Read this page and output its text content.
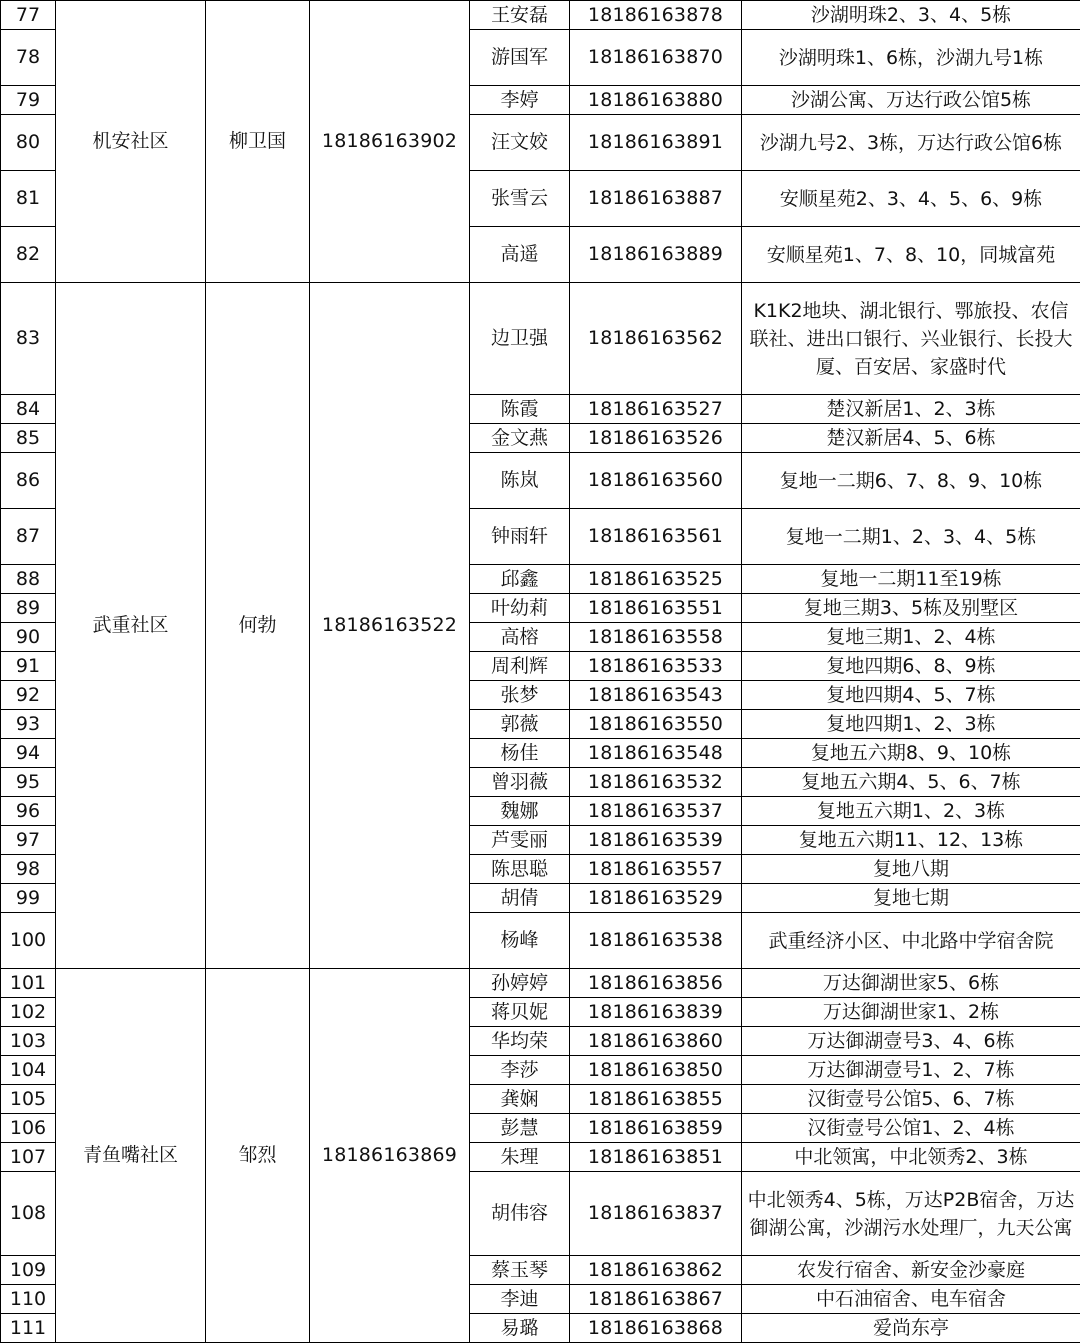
77	机安社区	柳卫国	18186163902	王安磊	18186163878	沙湖明珠2、3、4、5栋
78				游国军	18186163870	沙湖明珠1、6栋，沙湖九号1栋
79				李婷	18186163880	沙湖公寓、万达行政公馆5栋
80				汪文姣	18186163891	沙湖九号2、3栋，万达行政公馆6栋
81				张雪云	18186163887	安顺星苑2、3、4、5、6、9栋
82				高遥	18186163889	安顺星苑1、7、8、10，同城富苑
83	武重社区	何勃	18186163522	边卫强	18186163562	K1K2地块、湖北银行、鄂旅投、农信联社、进出口银行、兴业银行、长投大厦、百安居、家盛时代
84				陈霞	18186163527	楚汉新居1、2、3栋
85				金文燕	18186163526	楚汉新居4、5、6栋
86				陈岚	18186163560	复地一二期6、7、8、9、10栋
87				钟雨轩	18186163561	复地一二期1、2、3、4、5栋
88				邱鑫	18186163525	复地一二期11至19栋
89				叶幼莉	18186163551	复地三期3、5栋及别墅区
90				高榕	18186163558	复地三期1、2、4栋
91				周利辉	18186163533	复地四期6、8、9栋
92				张梦	18186163543	复地四期4、5、7栋
93				郭薇	18186163550	复地四期1、2、3栋
94				杨佳	18186163548	复地五六期8、9、10栋
95				曾羽薇	18186163532	复地五六期4、5、6、7栋
96				魏娜	18186163537	复地五六期1、2、3栋
97				芦雯丽	18186163539	复地五六期11、12、13栋
98				陈思聪	18186163557	复地八期
99				胡倩	18186163529	复地七期
100				杨峰	18186163538	武重经济小区、中北路中学宿舍院
101	青鱼嘴社区	邹烈	18186163869	孙婷婷	18186163856	万达御湖世家5、6栋
102				蒋贝妮	18186163839	万达御湖世家1、2栋
103				华均荣	18186163860	万达御湖壹号3、4、6栋
104				李莎	18186163850	万达御湖壹号1、2、7栋
105				龚娴	18186163855	汉街壹号公馆5、6、7栋
106				彭慧	18186163859	汉街壹号公馆1、2、4栋
107				朱理	18186163851	中北领寓，中北领秀2、3栋
108				胡伟容	18186163837	中北领秀4、5栋，万达P2B宿舍，万达御湖公寓，沙湖污水处理厂，九天公寓
109				蔡玉琴	18186163862	农发行宿舍、新安金沙豪庭
110				李迪	18186163867	中石油宿舍、电车宿舍
111				易璐	18186163868	爱尚东亭
